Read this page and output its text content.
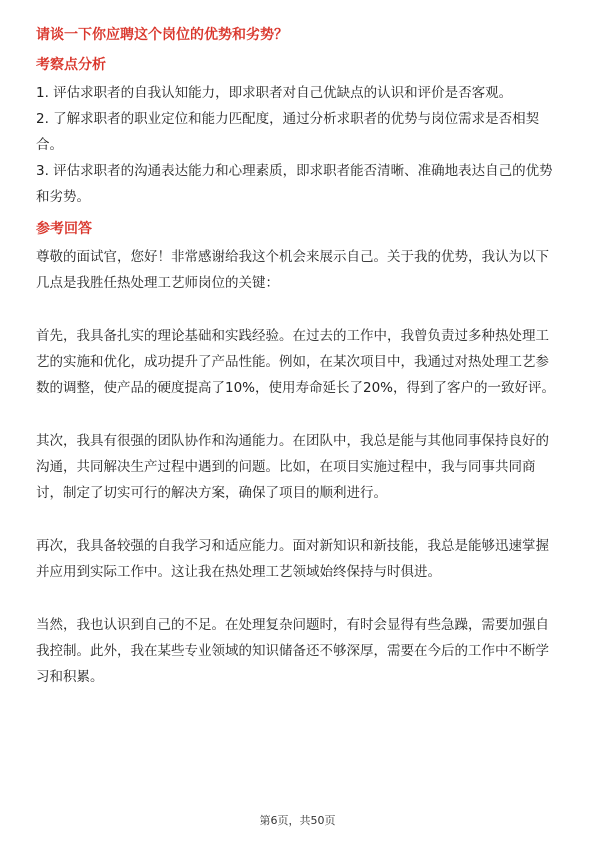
请谈一下你应聘这个岗位的优势和劣势？
考察点分析

1. 评估求职者的自我认知能力，即求职者对自己优缺点的认识和评价是否客观。

2. 了解求职者的职业定位和能力匹配度，通过分析求职者的优势与岗位需求是否相契合。

3. 评估求职者的沟通表达能力和心理素质，即求职者能否清晰、准确地表达自己的优势和劣势。

参考回答

尊敬的面试官，您好！非常感谢给我这个机会来展示自己。关于我的优势，我认为以下几点是我胜任热处理工艺师岗位的关键：

首先，我具备扎实的理论基础和实践经验。在过去的工作中，我曾负责过多种热处理工艺的实施和优化，成功提升了产品性能。例如，在某次项目中，我通过对热处理工艺参数的调整，使产品的硬度提高了10%，使用寿命延长了20%，得到了客户的一致好评。

其次，我具有很强的团队协作和沟通能力。在团队中，我总是能与其他同事保持良好的沟通，共同解决生产过程中遇到的问题。比如，在项目实施过程中，我与同事共同商讨，制定了切实可行的解决方案，确保了项目的顺利进行。

再次，我具备较强的自我学习和适应能力。面对新知识和新技能，我总是能够迅速掌握并应用到实际工作中。这让我在热处理工艺领域始终保持与时俱进。

当然，我也认识到自己的不足。在处理复杂问题时，有时会显得有些急躁，需要加强自我控制。此外，我在某些专业领域的知识储备还不够深厚，需要在今后的工作中不断学习和积累。

第6页，共50页
